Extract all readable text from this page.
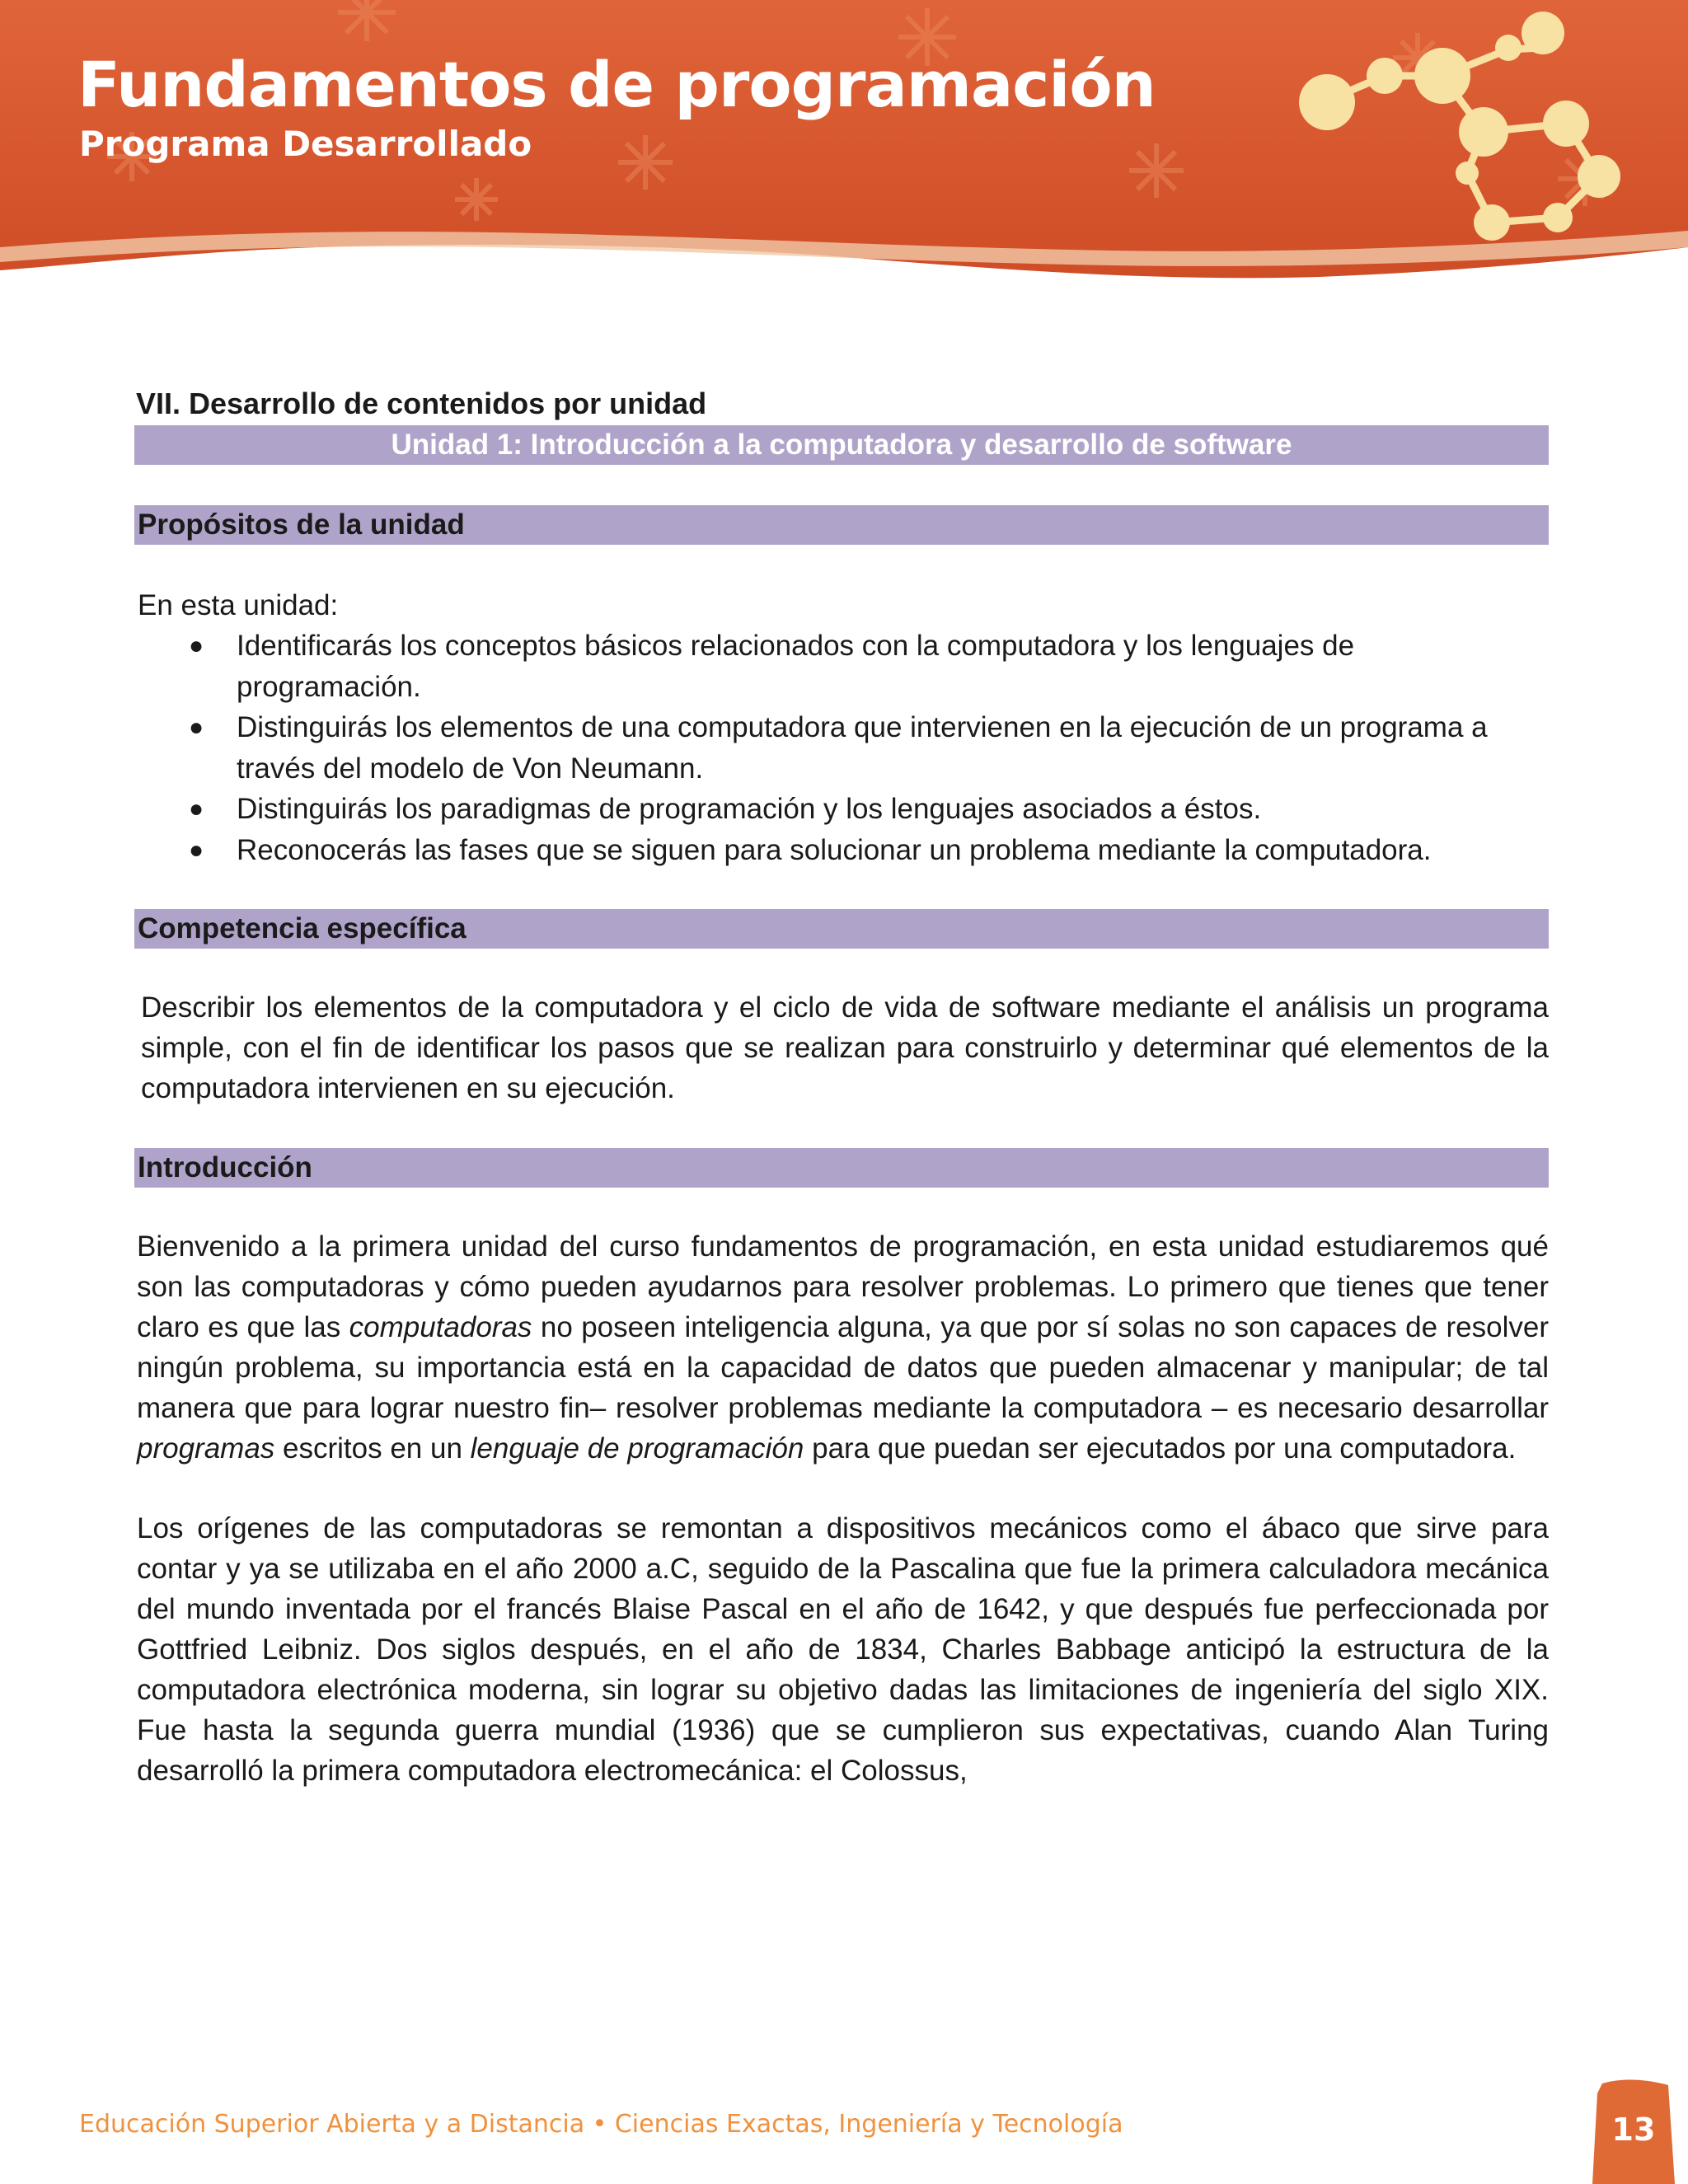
Fundamentos de programación
Programa Desarrollado

VII. Desarrollo de contenidos por unidad

Unidad 1: Introducción a la computadora y desarrollo de software
Propósitos de la unidad

En esta unidad:

● Identificarás los conceptos básicos relacionados con la computadora y los lenguajes de programación.
● Distinguirás los elementos de una computadora que intervienen en la ejecución de un programa a través del modelo de Von Neumann.
● Distinguirás los paradigmas de programación y los lenguajes asociados a éstos.
● Reconocerás las fases que se siguen para solucionar un problema mediante la computadora.
Competencia específica

Describir los elementos de la computadora y el ciclo de vida de software mediante el análisis un programa simple, con el fin de identificar los pasos que se realizan para construirlo y determinar qué elementos de la computadora intervienen en su ejecución.

Introducción

Bienvenido a la primera unidad del curso fundamentos de programación, en esta unidad estudiaremos qué son las computadoras y cómo pueden ayudarnos para resolver problemas. Lo primero que tienes que tener claro es que las computadoras no poseen inteligencia alguna, ya que por sí solas no son capaces de resolver ningún problema, su importancia está en la capacidad de datos que pueden almacenar y manipular; de tal manera que para lograr nuestro fin– resolver problemas mediante la computadora – es necesario desarrollar programas escritos en un lenguaje de programación para que puedan ser ejecutados por una computadora.

Los orígenes de las computadoras se remontan a dispositivos mecánicos como el ábaco que sirve para contar y ya se utilizaba en el año 2000 a.C, seguido de la Pascalina que fue la primera calculadora mecánica del mundo inventada por el francés Blaise Pascal en el año de 1642, y que después fue perfeccionada por Gottfried Leibniz. Dos siglos después, en el año de 1834, Charles Babbage anticipó la estructura de la computadora electrónica moderna, sin lograr su objetivo dadas las limitaciones de ingeniería del siglo XIX. Fue hasta la segunda guerra mundial (1936) que se cumplieron sus expectativas, cuando Alan Turing desarrolló la primera computadora electromecánica: el Colossus,

Educación Superior Abierta y a Distancia • Ciencias Exactas, Ingeniería y Tecnología	13
